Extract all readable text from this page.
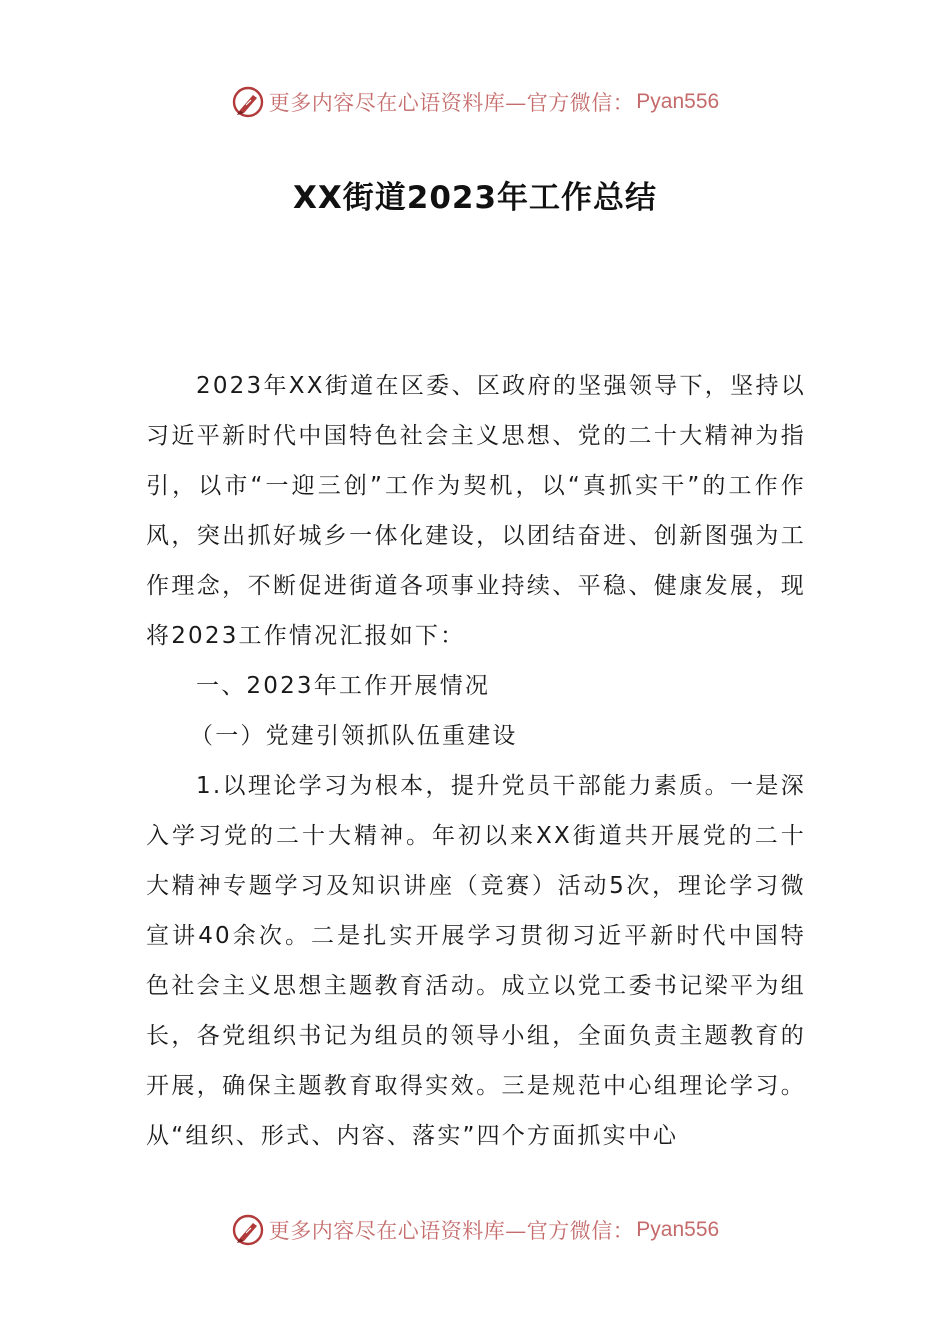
更多内容尽在心语资料库—官方微信： Pyan556
XX街道2023年工作总结

2023年XX街道在区委、区政府的坚强领导下，坚持以习近平新时代中国特色社会主义思想、党的二十大精神为指引，以市“一迎三创”工作为契机，以“真抓实干”的工作作风，突出抓好城乡一体化建设，以团结奋进、创新图强为工作理念，不断促进街道各项事业持续、平稳、健康发展，现将2023工作情况汇报如下：

一、2023年工作开展情况

（一）党建引领抓队伍重建设

1.以理论学习为根本，提升党员干部能力素质。一是深入学习党的二十大精神。年初以来XX街道共开展党的二十大精神专题学习及知识讲座（竞赛）活动5次，理论学习微宣讲40余次。二是扎实开展学习贯彻习近平新时代中国特色社会主义思想主题教育活动。成立以党工委书记梁平为组长，各党组织书记为组员的领导小组，全面负责主题教育的开展，确保主题教育取得实效。三是规范中心组理论学习。从“组织、形式、内容、落实”四个方面抓实中心

更多内容尽在心语资料库—官方微信： Pyan556
